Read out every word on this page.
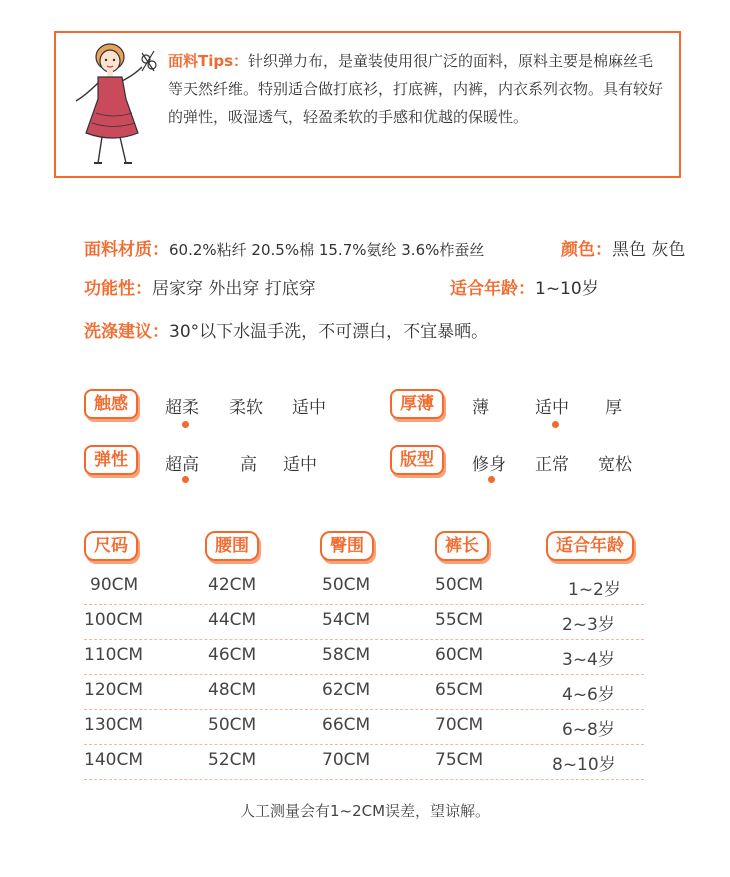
面料Tips：针织弹力布，是童装使用很广泛的面料，原料主要是棉麻丝毛等天然纤维。特别适合做打底衫，打底裤，内裤，内衣系列衣物。具有较好的弹性，吸湿透气，轻盈柔软的手感和优越的保暖性。
面料材质：60.2%粘纤 20.5%棉 15.7%氨纶 3.6%柞蚕丝	颜色：黑色 灰色
功能性：居家穿 外出穿 打底穿	适合年龄：1~10岁
洗涤建议：30°以下水温手洗，不可漂白，不宜暴晒。
触感	超柔 柔软 适中	厚薄	薄	适中 厚
弹性	超高 高 适中	版型	修身 正常 宽松
尺码	腰围	臀围	裤长	适合年龄
90CM	42CM	50CM	50CM	1~2岁
100CM	44CM	54CM	55CM	2~3岁
110CM	46CM	58CM	60CM	3~4岁
120CM	48CM	62CM	65CM	4~6岁
130CM	50CM	66CM	70CM	6~8岁
140CM	52CM	70CM	75CM	8~10岁
人工测量会有1~2CM误差，望谅解。
